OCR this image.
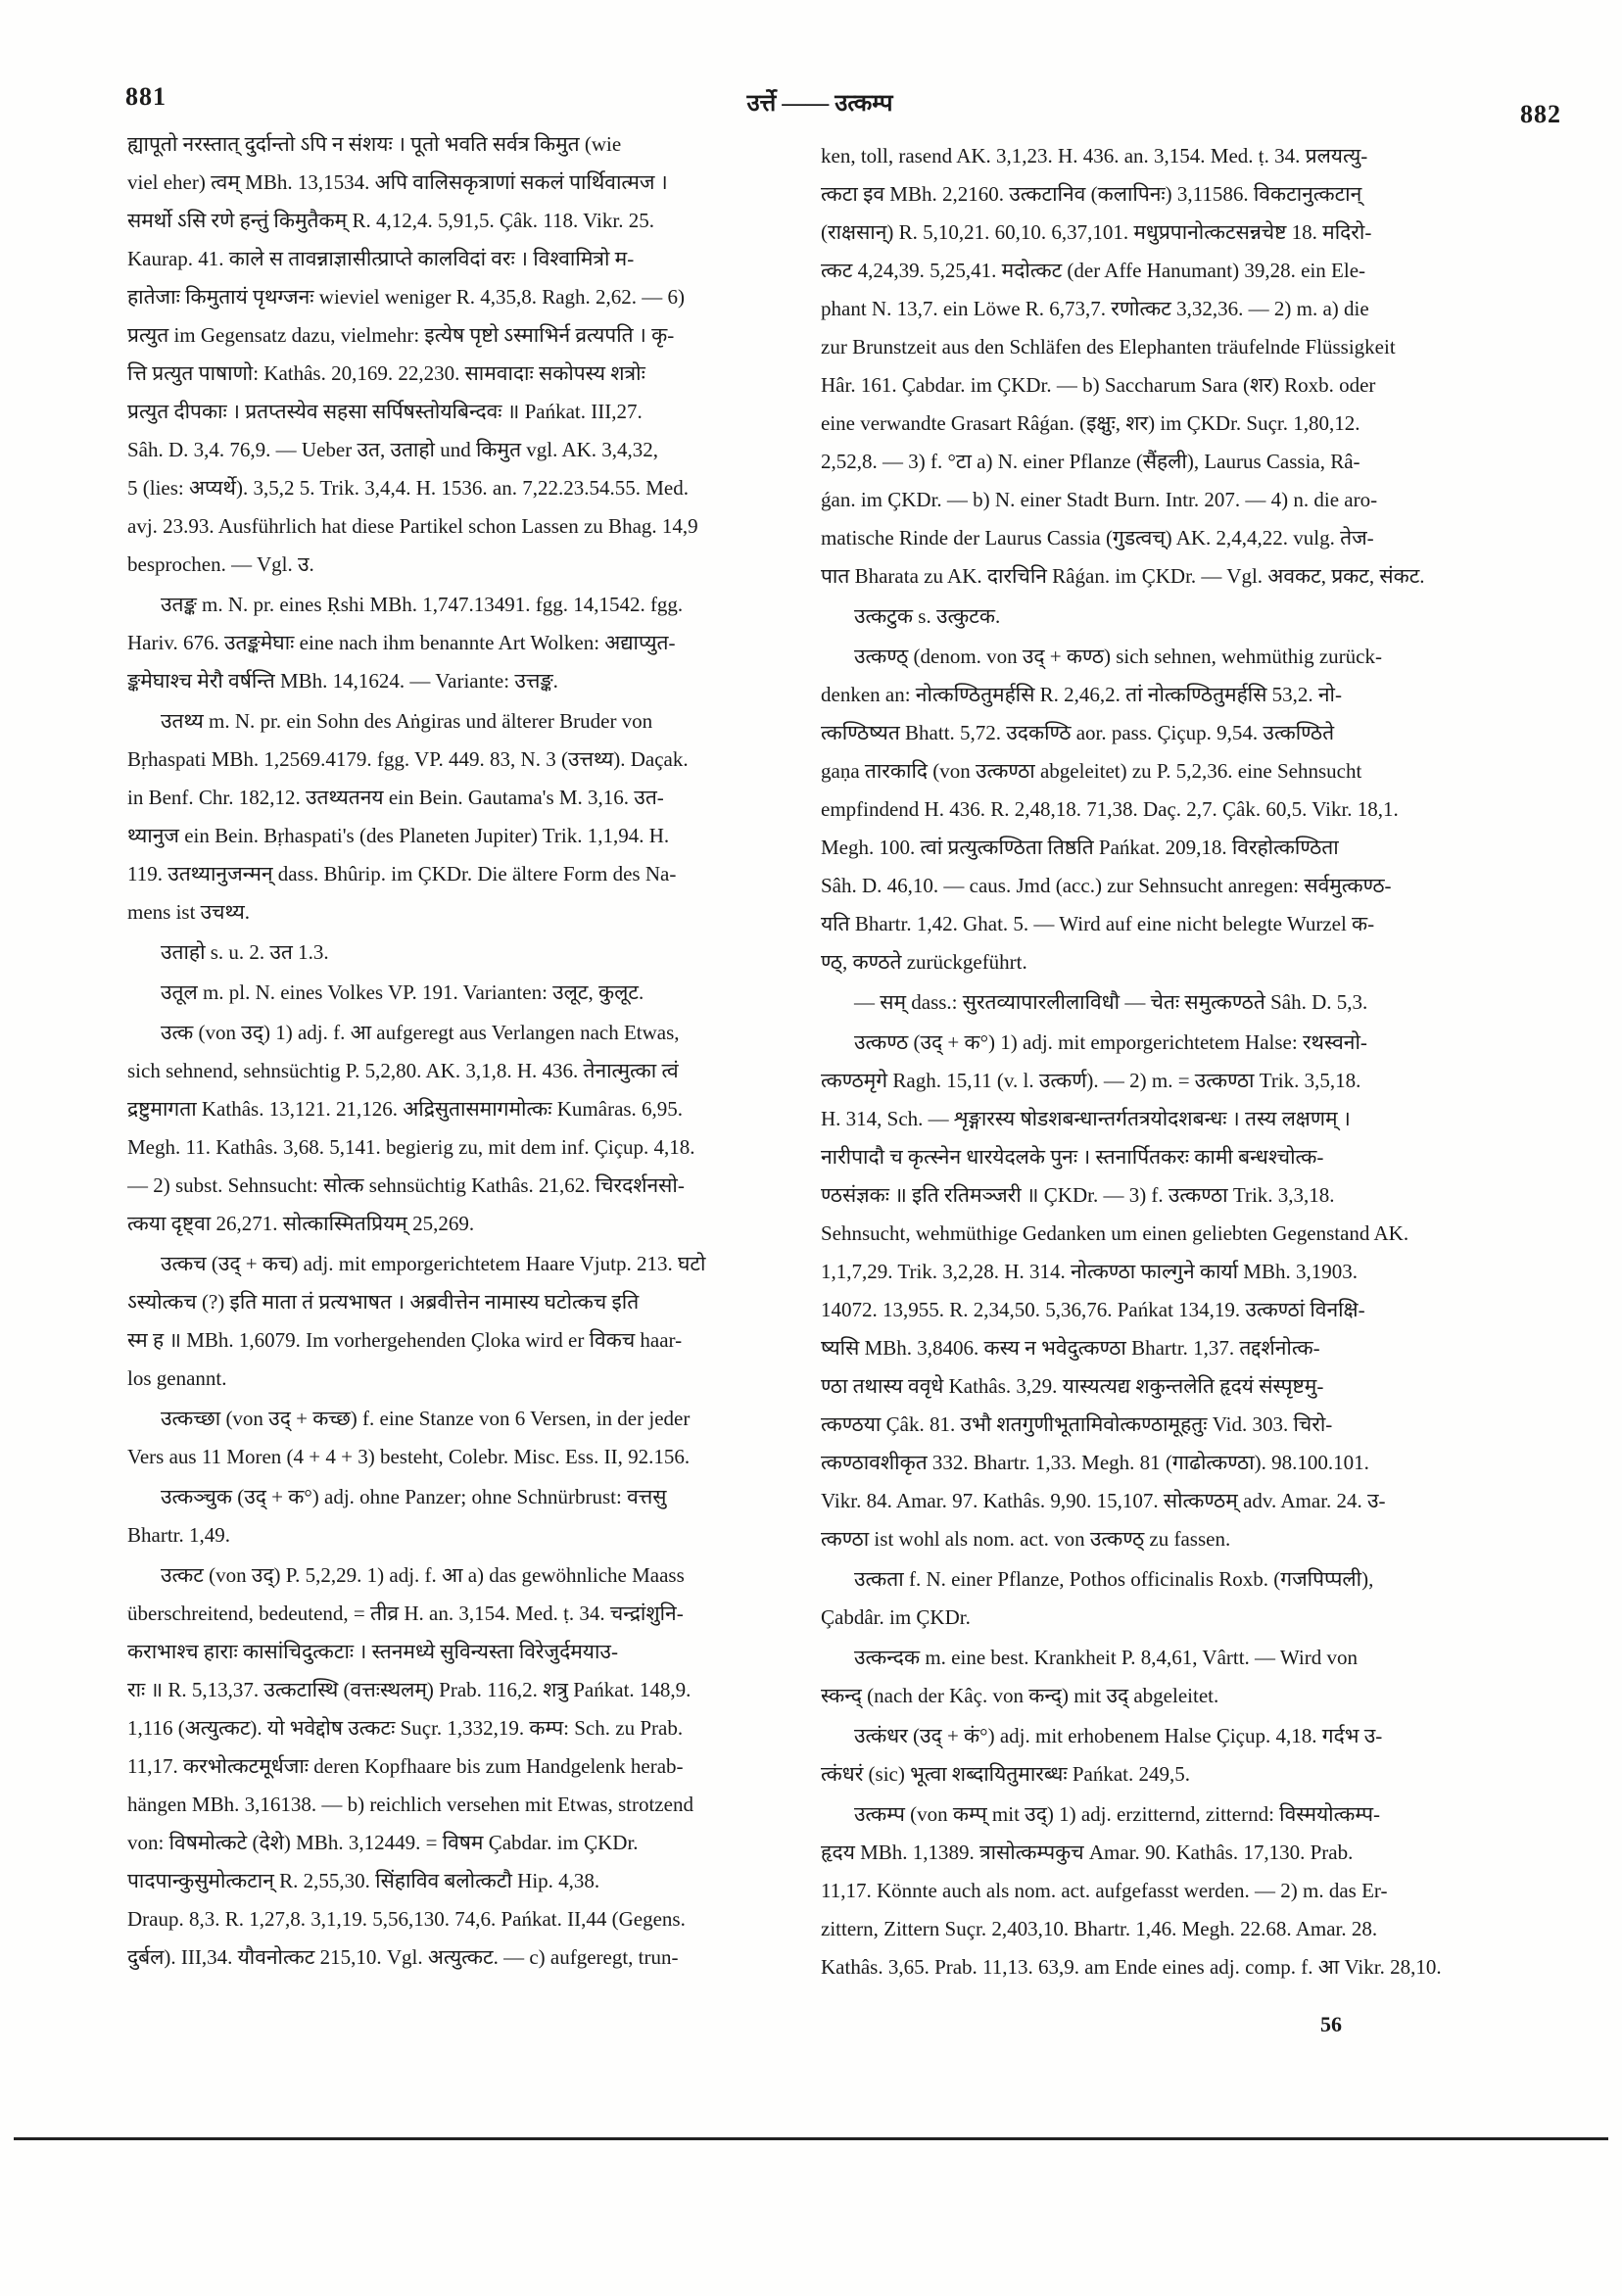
881	उर्त्ते —— उत्कम्प	882
ह्यापूतो नरस्तात् दुर्दान्तो ऽपि न संशयः । पूतो भवति सर्वत्र किमुत (wie
viel eher) त्वम् MBh. 13,1534. अपि वालिसकृत्राणां सकलं पार्थिवात्मज ।
समर्थो ऽसि रणे हन्तुं किमुतैकम् R. 4,12,4. 5,91,5. Çâk. 118. Vikr. 25.
Kaurap. 41. काले स तावन्नाज्ञासीत्प्राप्ते कालविदां वरः । विश्वामित्रो म-
हातेजाः किमुतायं पृथग्जनः wieviel weniger R. 4,35,8. Ragh. 2,62. — 6)
प्रत्युत im Gegensatz dazu, vielmehr: इत्येष पृष्टो ऽस्माभिर्न व्रत्यपति । कृ-
त्ति प्रत्युत पाषाणो: Kathâs. 20,169. 22,230. सामवादाः सकोपस्य शत्रोः
प्रत्युत दीपकाः । प्रतप्तस्येव सहसा सर्पिषस्तोयबिन्दवः ॥ Pańkat. III,27.
Sâh. D. 3,4. 76,9. — Ueber उत, उताहो und किमुत vgl. AK. 3,4,32,
5 (lies: अप्यर्थे). 3,5,2 5. Trik. 3,4,4. H. 1536. an. 7,22.23.54.55. Med.
avj. 23.93. Ausführlich hat diese Partikel schon Lassen zu Bhag. 14,9
besprochen. — Vgl. उ.
उतङ्क m. N. pr. eines Ṛshi MBh. 1,747.13491. fgg. 14,1542. fgg.
Hariv. 676. उतङ्कमेघाः eine nach ihm benannte Art Wolken: अद्याप्युत-
ङ्कमेघाश्च मेरौ वर्षन्ति MBh. 14,1624. — Variante: उत्तङ्क.
उतथ्य m. N. pr. ein Sohn des Aṅgiras und älterer Bruder von
Bṛhaspati MBh. 1,2569.4179. fgg. VP. 449. 83, N. 3 (उत्तथ्य). Daçak.
in Benf. Chr. 182,12. उतथ्यतनय ein Bein. Gautama's M. 3,16. उत-
थ्यानुज ein Bein. Bṛhaspati's (des Planeten Jupiter) Trik. 1,1,94. H.
119. उतथ्यानुजन्मन् dass. Bhûrip. im ÇKDr. Die ältere Form des Na-
mens ist उचथ्य.
उताहो s. u. 2. उत 1.3.
उतूल m. pl. N. eines Volkes VP. 191. Varianten: उलूट, कुलूट.
उत्क (von उद्) 1) adj. f. आ aufgeregt aus Verlangen nach Etwas,
sich sehnend, sehnsüchtig P. 5,2,80. AK. 3,1,8. H. 436. तेनात्मुत्का त्वं
द्रष्टुमागता Kathâs. 13,121. 21,126. अद्रिसुतासमागमोत्कः Kumâras. 6,95.
Megh. 11. Kathâs. 3,68. 5,141. begierig zu, mit dem inf. Çiçup. 4,18.
— 2) subst. Sehnsucht: सोत्क sehnsüchtig Kathâs. 21,62. चिरदर्शनसो-
त्कया दृष्ट्वा 26,271. सोत्कास्मितप्रियम् 25,269.
उत्कच (उद् + कच) adj. mit emporgerichtetem Haare Vjutp. 213. घटो
ऽस्योत्कच (?) इति माता तं प्रत्यभाषत । अब्रवीत्तेन नामास्य घटोत्कच इति
स्म ह ॥ MBh. 1,6079. Im vorhergehenden Çloka wird er विकच haar-
los genannt.
उत्कच्छा (von उद् + कच्छ) f. eine Stanze von 6 Versen, in der jeder
Vers aus 11 Moren (4 + 4 + 3) besteht, Colebr. Misc. Ess. II, 92.156.
उत्कञ्चुक (उद् + क°) adj. ohne Panzer; ohne Schnürbrust: वत्तसु
Bhartr. 1,49.
उत्कट (von उद्) P. 5,2,29. 1) adj. f. आ a) das gewöhnliche Maass
überschreitend, bedeutend, = तीव्र H. an. 3,154. Med. ṭ. 34. चन्द्रांशुनि-
कराभाश्च हाराः कासांचिदुत्कटाः । स्तनमध्ये सुविन्यस्ता विरेजुर्दमयाउ-
राः ॥ R. 5,13,37. उत्कटास्थि (वत्तःस्थलम्) Prab. 116,2. शत्रु Pańkat. 148,9.
1,116 (अत्युत्कट). यो भवेद्दोष उत्कटः Suçr. 1,332,19. कम्प: Sch. zu Prab.
11,17. करभोत्कटमूर्धजाः deren Kopfhaare bis zum Handgelenk herab-
hängen MBh. 3,16138. — b) reichlich versehen mit Etwas, strotzend
von: विषमोत्कटे (देशे) MBh. 3,12449. = विषम Çabdar. im ÇKDr.
पादपान्कुसुमोत्कटान् R. 2,55,30. सिंहाविव बलोत्कटौ Hip. 4,38.
Draup. 8,3. R. 1,27,8. 3,1,19. 5,56,130. 74,6. Pańkat. II,44 (Gegens.
दुर्बल). III,34. यौवनोत्कट 215,10. Vgl. अत्युत्कट. — c) aufgeregt, trun-
ken, toll, rasend AK. 3,1,23. H. 436. an. 3,154. Med. ṭ. 34. प्रलयत्यु-
त्कटा इव MBh. 2,2160. उत्कटानिव (कलापिनः) 3,11586. विकटानुत्कटान्
(राक्षसान्) R. 5,10,21. 60,10. 6,37,101. मधुप्रपानोत्कटसन्नचेष्ट 18. मदिरो-
त्कट 4,24,39. 5,25,41. मदोत्कट (der Affe Hanumant) 39,28. ein Ele-
phant N. 13,7. ein Löwe R. 6,73,7. रणोत्कट 3,32,36. — 2) m. a) die
zur Brunstzeit aus den Schläfen des Elephanten träufelnde Flüssigkeit
Hâr. 161. Çabdar. im ÇKDr. — b) Saccharum Sara (शर) Roxb. oder
eine verwandte Grasart Râǵan. (इक्षुः, शर) im ÇKDr. Suçr. 1,80,12.
2,52,8. — 3) f. °टा a) N. einer Pflanze (सैंहली), Laurus Cassia, Râ-
ǵan. im ÇKDr. — b) N. einer Stadt Burn. Intr. 207. — 4) n. die aro-
matische Rinde der Laurus Cassia (गुडत्वच्) AK. 2,4,4,22. vulg. तेज-
पात Bharata zu AK. दारचिनि Râǵan. im ÇKDr. — Vgl. अवकट, प्रकट, संकट.
उत्कटुक s. उत्कुटक.
उत्कण्ठ् (denom. von उद् + कण्ठ) sich sehnen, wehmüthig zurück-
denken an: नोत्कण्ठितुमर्हसि R. 2,46,2. तां नोत्कण्ठितुमर्हसि 53,2. नो-
त्कण्ठिष्यत Bhatt. 5,72. उदकण्ठि aor. pass. Çiçup. 9,54. उत्कण्ठिते
gaṇa तारकादि (von उत्कण्ठा abgeleitet) zu P. 5,2,36. eine Sehnsucht
empfindend H. 436. R. 2,48,18. 71,38. Daç. 2,7. Çâk. 60,5. Vikr. 18,1.
Megh. 100. त्वां प्रत्युत्कण्ठिता तिष्ठति Pańkat. 209,18. विरहोत्कण्ठिता
Sâh. D. 46,10. — caus. Jmd (acc.) zur Sehnsucht anregen: सर्वमुत्कण्ठ-
यति Bhartr. 1,42. Ghat. 5. — Wird auf eine nicht belegte Wurzel क-
ण्ठ्, कण्ठते zurückgeführt.
— सम् dass.: सुरतव्यापारलीलाविधौ — चेतः समुत्कण्ठते Sâh. D. 5,3.
उत्कण्ठ (उद् + क°) 1) adj. mit emporgerichtetem Halse: रथस्वनो-
त्कण्ठमृगे Ragh. 15,11 (v. l. उत्कर्ण). — 2) m. = उत्कण्ठा Trik. 3,5,18.
H. 314, Sch. — शृङ्गारस्य षोडशबन्धान्तर्गतत्रयोदशबन्धः । तस्य लक्षणम् ।
नारीपादौ च कृत्स्नेन धारयेदलके पुनः । स्तनार्पितकरः कामी बन्धश्चोत्क-
ण्ठसंज्ञकः ॥ इति रतिमञ्जरी ॥ ÇKDr. — 3) f. उत्कण्ठा Trik. 3,3,18.
Sehnsucht, wehmüthige Gedanken um einen geliebten Gegenstand AK.
1,1,7,29. Trik. 3,2,28. H. 314. नोत्कण्ठा फाल्गुने कार्या MBh. 3,1903.
14072. 13,955. R. 2,34,50. 5,36,76. Pańkat 134,19. उत्कण्ठां विनक्षि-
ष्यसि MBh. 3,8406. कस्य न भवेदुत्कण्ठा Bhartr. 1,37. तद्दर्शनोत्क-
ण्ठा तथास्य ववृधे Kathâs. 3,29. यास्यत्यद्य शकुन्तलेति हृदयं संस्पृष्टमु-
त्कण्ठया Çâk. 81. उभौ शतगुणीभूतामिवोत्कण्ठामूहतुः Vid. 303. चिरो-
त्कण्ठावशीकृत 332. Bhartr. 1,33. Megh. 81 (गाढोत्कण्ठा). 98.100.101.
Vikr. 84. Amar. 97. Kathâs. 9,90. 15,107. सोत्कण्ठम् adv. Amar. 24. उ-
त्कण्ठा ist wohl als nom. act. von उत्कण्ठ् zu fassen.
उत्कता f. N. einer Pflanze, Pothos officinalis Roxb. (गजपिप्पली),
Çabdâr. im ÇKDr.
उत्कन्दक m. eine best. Krankheit P. 8,4,61, Vârtt. — Wird von
स्कन्द् (nach der Kâç. von कन्द्) mit उद् abgeleitet.
उत्कंधर (उद् + कं°) adj. mit erhobenem Halse Çiçup. 4,18. गर्दभ उ-
त्कंधरं (sic) भूत्वा शब्दायितुमारब्धः Pańkat. 249,5.
उत्कम्प (von कम्प् mit उद्) 1) adj. erzitternd, zitternd: विस्मयोत्कम्प-
हृदय MBh. 1,1389. त्रासोत्कम्पकुच Amar. 90. Kathâs. 17,130. Prab.
11,17. Könnte auch als nom. act. aufgefasst werden. — 2) m. das Er-
zittern, Zittern Suçr. 2,403,10. Bhartr. 1,46. Megh. 22.68. Amar. 28.
Kathâs. 3,65. Prab. 11,13. 63,9. am Ende eines adj. comp. f. आ Vikr. 28,10.
56
